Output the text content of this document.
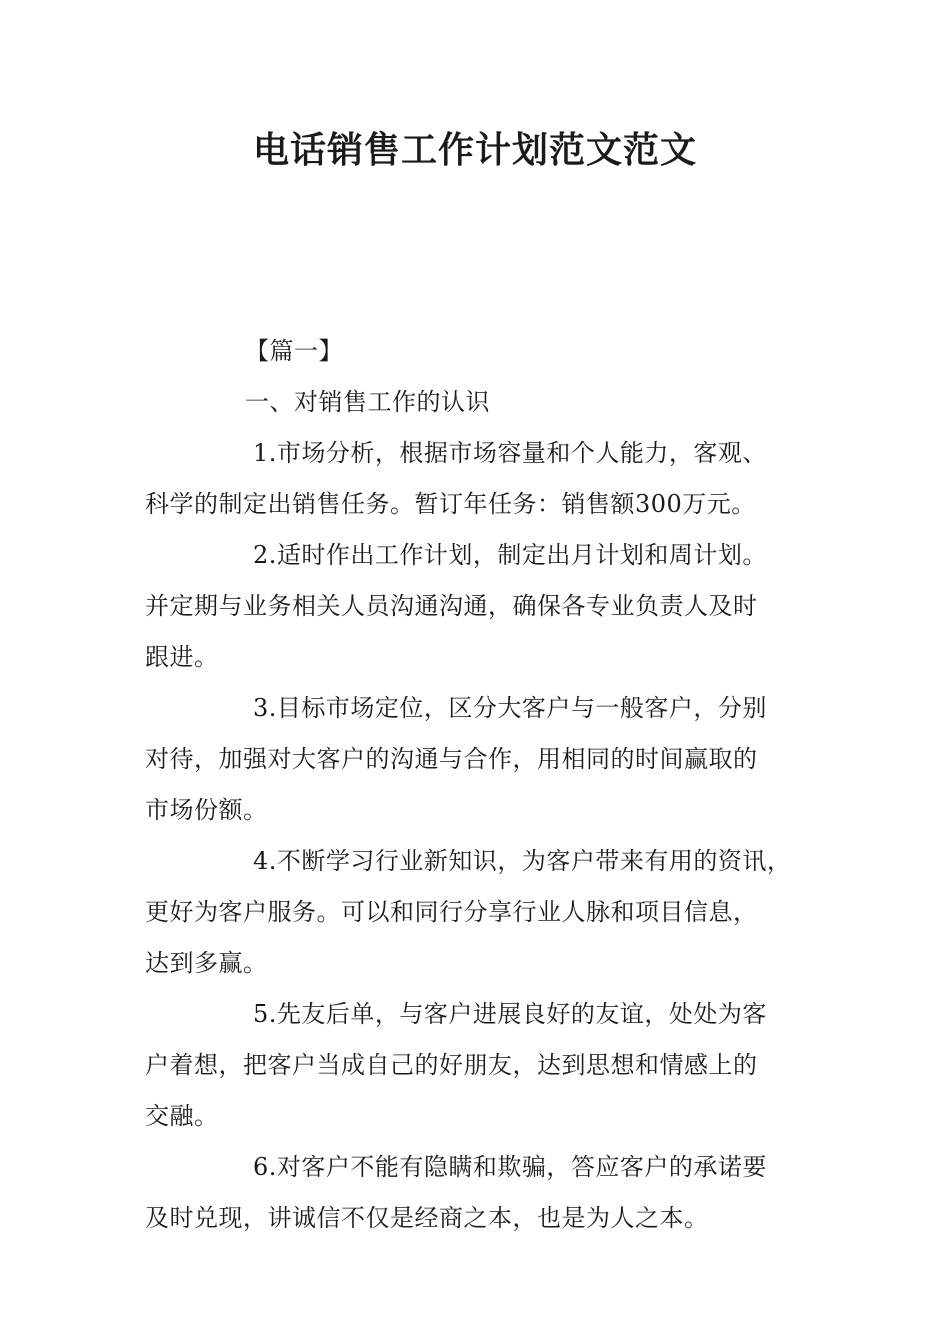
电话销售工作计划范文范文
【篇一】
一、对销售工作的认识
1.市场分析，根据市场容量和个人能力，客观、
科学的制定出销售任务。暂订年任务：销售额300万元。
2.适时作出工作计划，制定出月计划和周计划。
并定期与业务相关人员沟通沟通，确保各专业负责人及时
跟进。
3.目标市场定位，区分大客户与一般客户，分别
对待，加强对大客户的沟通与合作，用相同的时间赢取的
市场份额。
4.不断学习行业新知识，为客户带来有用的资讯，
更好为客户服务。可以和同行分享行业人脉和项目信息，
达到多赢。
5.先友后单，与客户进展良好的友谊，处处为客
户着想，把客户当成自己的好朋友，达到思想和情感上的
交融。
6.对客户不能有隐瞒和欺骗，答应客户的承诺要
及时兑现，讲诚信不仅是经商之本，也是为人之本。
